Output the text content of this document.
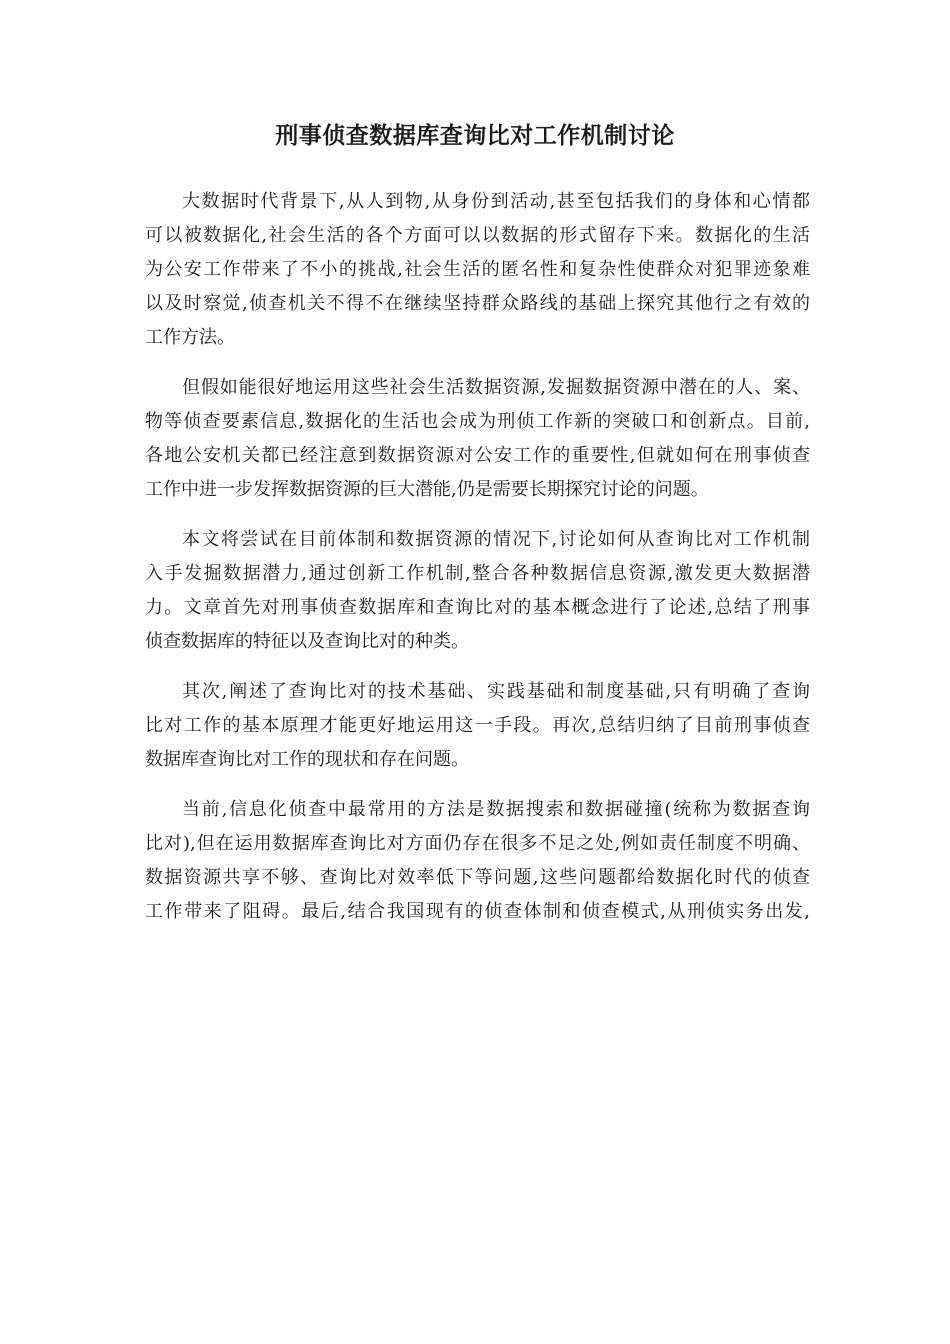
刑事侦查数据库查询比对工作机制讨论
大数据时代背景下,从人到物,从身份到活动,甚至包括我们的身体和心情都
可以被数据化,社会生活的各个方面可以以数据的形式留存下来。数据化的生活
为公安工作带来了不小的挑战,社会生活的匿名性和复杂性使群众对犯罪迹象难
以及时察觉,侦查机关不得不在继续坚持群众路线的基础上探究其他行之有效的
工作方法。
但假如能很好地运用这些社会生活数据资源,发掘数据资源中潜在的人、案、
物等侦查要素信息,数据化的生活也会成为刑侦工作新的突破口和创新点。目前,
各地公安机关都已经注意到数据资源对公安工作的重要性,但就如何在刑事侦查
工作中进一步发挥数据资源的巨大潜能,仍是需要长期探究讨论的问题。
本文将尝试在目前体制和数据资源的情况下,讨论如何从查询比对工作机制
入手发掘数据潜力,通过创新工作机制,整合各种数据信息资源,激发更大数据潜
力。文章首先对刑事侦查数据库和查询比对的基本概念进行了论述,总结了刑事
侦查数据库的特征以及查询比对的种类。
其次,阐述了查询比对的技术基础、实践基础和制度基础,只有明确了查询
比对工作的基本原理才能更好地运用这一手段。再次,总结归纳了目前刑事侦查
数据库查询比对工作的现状和存在问题。
当前,信息化侦查中最常用的方法是数据搜索和数据碰撞(统称为数据查询
比对),但在运用数据库查询比对方面仍存在很多不足之处,例如责任制度不明确、
数据资源共享不够、查询比对效率低下等问题,这些问题都给数据化时代的侦查
工作带来了阻碍。最后,结合我国现有的侦查体制和侦查模式,从刑侦实务出发,
